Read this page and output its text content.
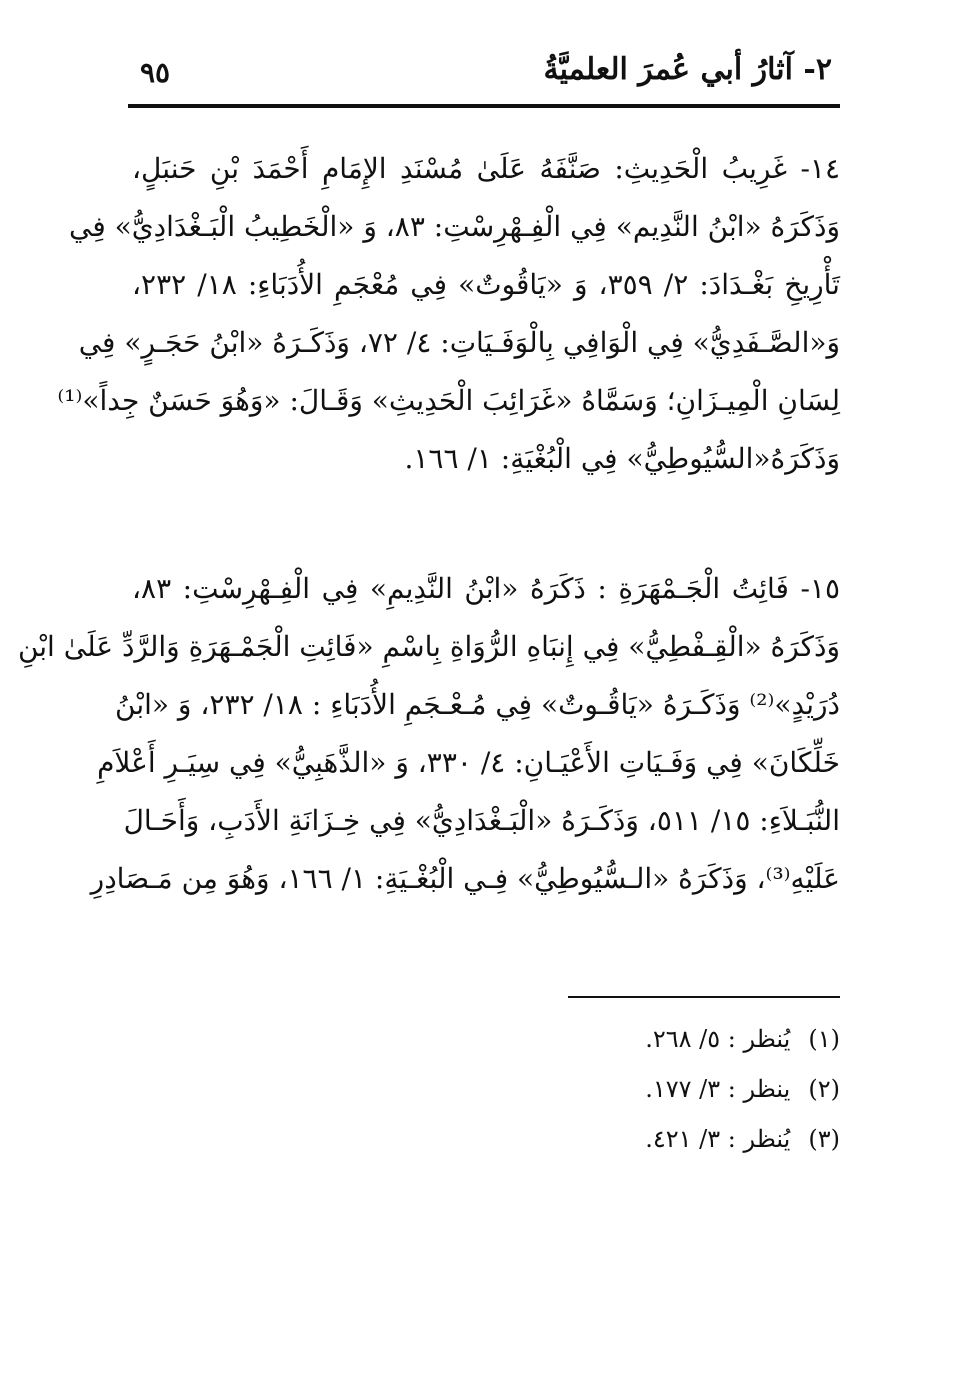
٩٥	٢- آثارُ أبي عُمرَ العلميَّةُ
١٤- غَرِيبُ الْحَدِيثِ: صَنَّفَهُ عَلَىٰ مُسْنَدِ الإِمَامِ أَحْمَدَ بْنِ حَنبَلٍ،
وَذَكَرَهُ «ابْنُ النَّدِيم» فِي الْفِـهْرِسْتِ: ٨٣، وَ «الْخَطِيبُ الْبَـغْدَادِيُّ» فِي
تَأْرِيخِ بَغْـدَادَ: ٢/ ٣٥٩، وَ «يَاقُوتٌ» فِي مُعْجَمِ الأُدَبَاءِ: ١٨/ ٢٣٢،
وَ«الصَّـفَدِيُّ» فِي الْوَافِي بِالْوَفَـيَاتِ: ٤/ ٧٢، وَذَكَـرَهُ «ابْنُ حَجَـرٍ» فِي
لِسَانِ الْمِيـزَانِ؛ وَسَمَّاهُ «غَرَائِبَ الْحَدِيثِ» وَقَـالَ: «وَهُوَ حَسَنٌ جِداً»⁽¹⁾
وَذَكَرَهُ«السُّيُوطِيُّ» فِي الْبُغْيَةِ: ١/ ١٦٦.
١٥- فَائِتُ الْجَـمْهَرَةِ : ذَكَرَهُ «ابْنُ النَّدِيمِ» فِي الْفِـهْرِسْتِ: ٨٣،
وَذَكَرَهُ «الْقِـفْطِيُّ» فِي إِنبَاهِ الرُّوَاةِ بِاسْمِ «فَائِتِ الْجَمْـهَرَةِ وَالرَّدِّ عَلَىٰ ابْنِ
دُرَيْدٍ»⁽²⁾ وَذَكَـرَهُ «يَاقُـوتٌ» فِي مُـعْـجَمِ الأُدَبَاءِ : ١٨/ ٢٣٢، وَ «ابْنُ
خَلِّكَانَ» فِي وَفَـيَاتِ الأَعْيَـانِ: ٤/ ٣٣٠، وَ «الذَّهَبِيُّ» فِي سِيَـرِ أَعْلاَمِ
النُّبَـلاَءِ: ١٥/ ٥١١، وَذَكَـرَهُ «الْبَـغْدَادِيُّ» فِي خِـزَانَةِ الأَدَبِ، وَأَحَـالَ
عَلَيْهِ⁽³⁾، وَذَكَرَهُ «الـسُّيُوطِيُّ» فِـي الْبُغْـيَةِ: ١/ ١٦٦، وَهُوَ مِن مَـصَادِرِ
(١)يُنظر : ٥/ ٢٦٨.
(٢)ينظر : ٣/ ١٧٧.
(٣)يُنظر : ٣/ ٤٢١.
